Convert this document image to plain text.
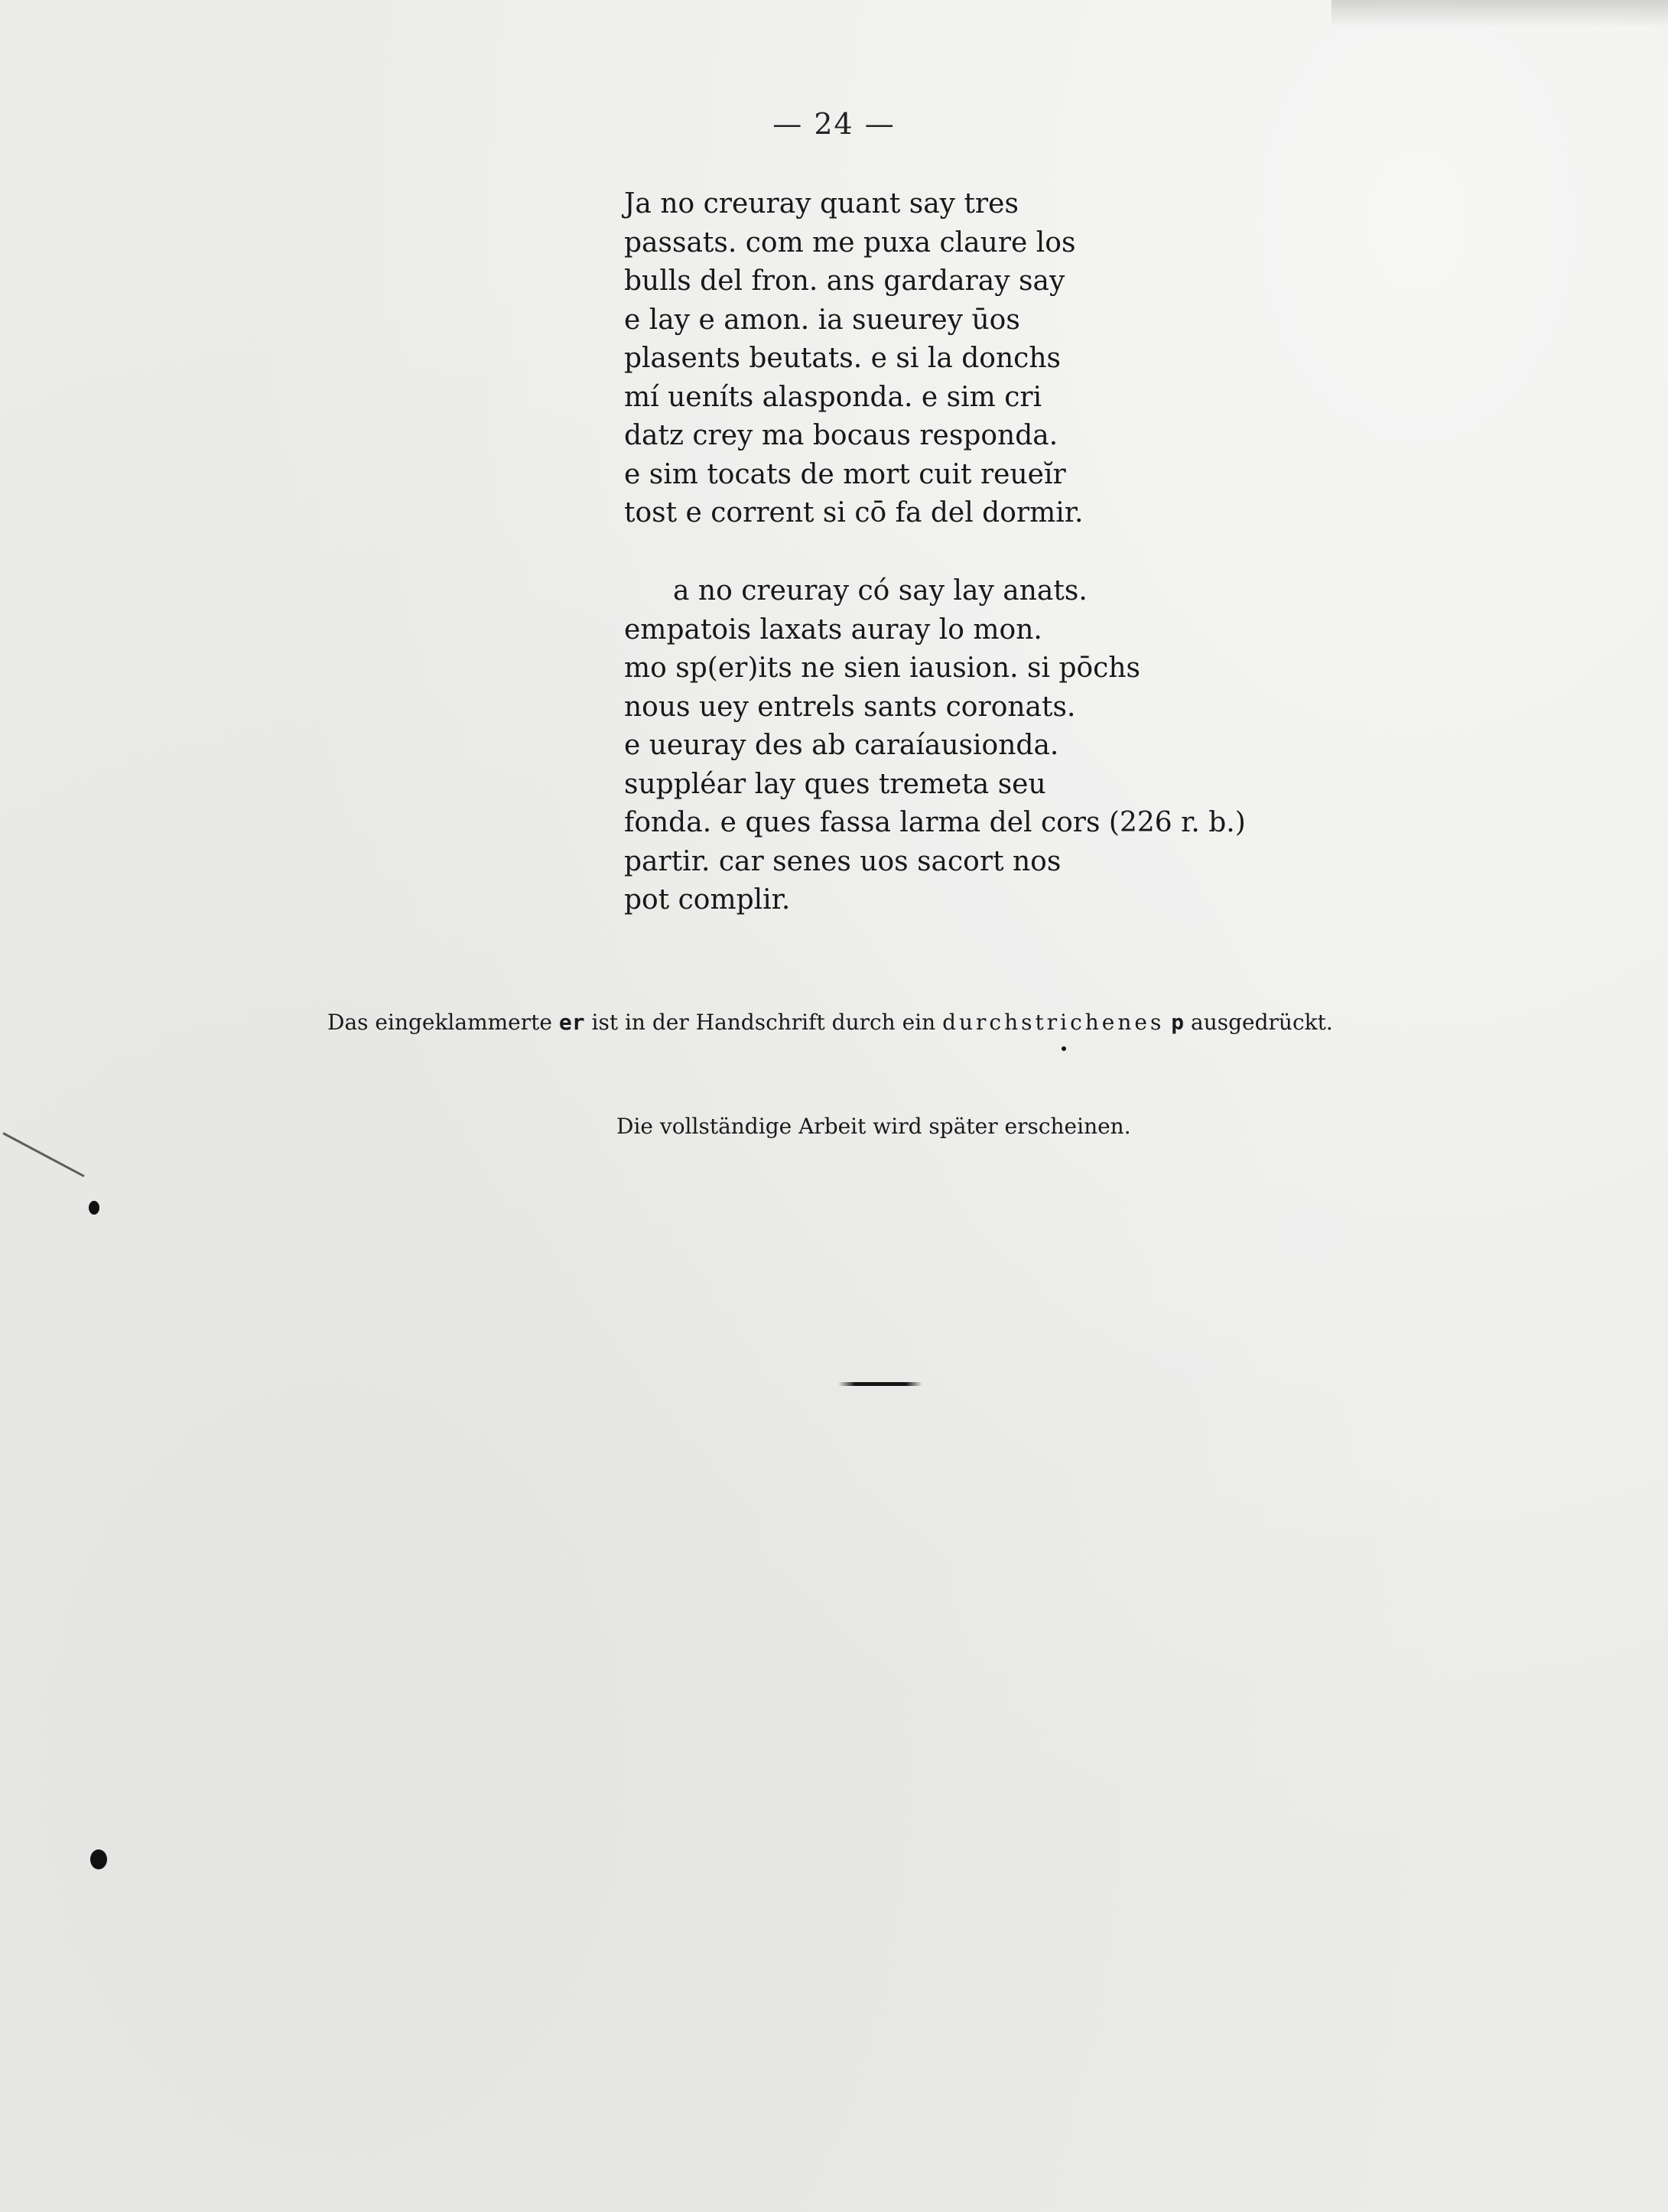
— 24 —
Ja no creuray quant say tres
passats. com me puxa claure los
bulls del fron. ans gardaray say
e lay e amon. ia sueurey ūos
plasents beutats. e si la donchs
mí ueníts alasponda. e sim cri
datz crey ma bocaus responda.
e sim tocats de mort cuit reueĭr
tost e corrent si cō fa del dormir.
a no creuray có say lay anats.
empatois laxats auray lo mon.
mo sp(er)its ne sien iausion. si pōchs
nous uey entrels sants coronats.
e ueuray des ab caraíausionda.
suppléar lay ques tremeta seu
fonda. e ques fassa larma del cors (226 r. b.)
partir. car senes uos sacort nos
pot complir.
Das eingeklammerte er ist in der Handschrift durch ein durchstrichenes p ausgedrückt.
Die vollständige Arbeit wird später erscheinen.
